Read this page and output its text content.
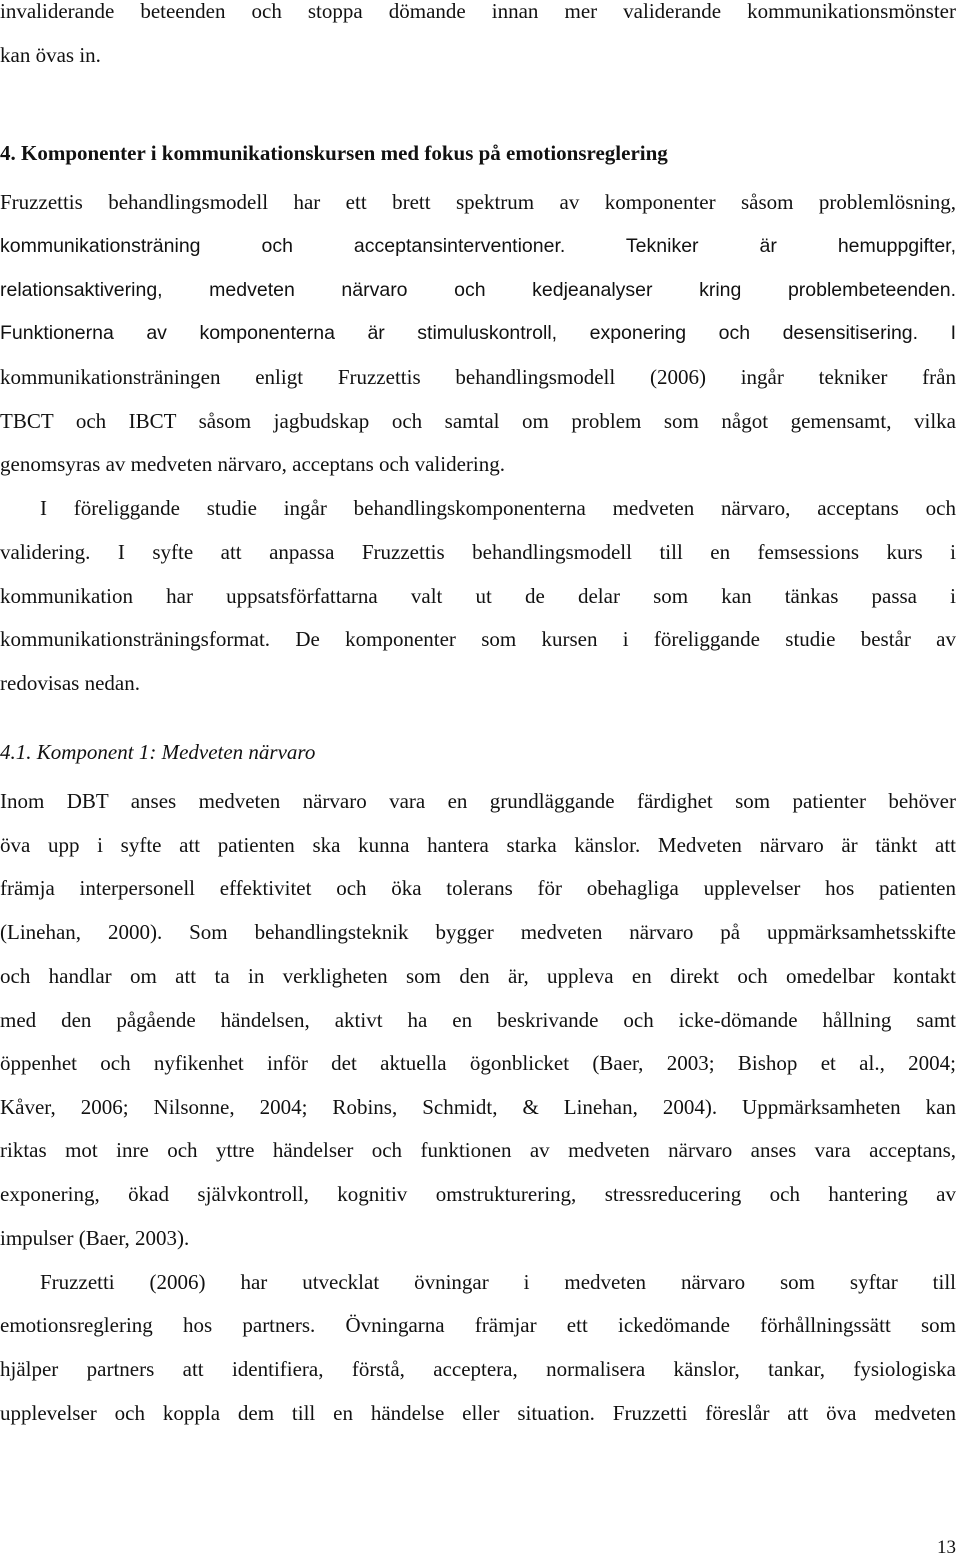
invaliderande beteenden och stoppa dömande innan mer validerande kommunikationsmönster

kan övas in.

4. Komponenter i kommunikationskursen med fokus på emotionsreglering

Fruzzettis behandlingsmodell har ett brett spektrum av komponenter såsom problemlösning,

kommunikationsträning och acceptansinterventioner. Tekniker är hemuppgifter,

relationsaktivering, medveten närvaro och kedjeanalyser kring problembeteenden.

Funktionerna av komponenterna är stimuluskontroll, exponering och desensitisering. I

kommunikationsträningen enligt Fruzzettis behandlingsmodell (2006) ingår tekniker från

TBCT och IBCT såsom jagbudskap och samtal om problem som något gemensamt, vilka

genomsyras av medveten närvaro, acceptans och validering.

I föreliggande studie ingår behandlingskomponenterna medveten närvaro, acceptans och

validering. I syfte att anpassa Fruzzettis behandlingsmodell till en femsessions kurs i

kommunikation har uppsatsförfattarna valt ut de delar som kan tänkas passa i

kommunikationsträningsformat. De komponenter som kursen i föreliggande studie består av

redovisas nedan.

4.1. Komponent 1: Medveten närvaro

Inom DBT anses medveten närvaro vara en grundläggande färdighet som patienter behöver

öva upp i syfte att patienten ska kunna hantera starka känslor. Medveten närvaro är tänkt att

främja interpersonell effektivitet och öka tolerans för obehagliga upplevelser hos patienten

(Linehan, 2000). Som behandlingsteknik bygger medveten närvaro på uppmärksamhetsskifte

och handlar om att ta in verkligheten som den är, uppleva en direkt och omedelbar kontakt

med den pågående händelsen, aktivt ha en beskrivande och icke-dömande hållning samt

öppenhet och nyfikenhet inför det aktuella ögonblicket (Baer, 2003; Bishop et al., 2004;

Kåver, 2006; Nilsonne, 2004; Robins, Schmidt, & Linehan, 2004). Uppmärksamheten kan

riktas mot inre och yttre händelser och funktionen av medveten närvaro anses vara acceptans,

exponering, ökad självkontroll, kognitiv omstrukturering, stressreducering och hantering av

impulser (Baer, 2003).

Fruzzetti (2006) har utvecklat övningar i medveten närvaro som syftar till

emotionsreglering hos partners. Övningarna främjar ett ickedömande förhållningssätt som

hjälper partners att identifiera, förstå, acceptera, normalisera känslor, tankar, fysiologiska

upplevelser och koppla dem till en händelse eller situation. Fruzzetti föreslår att öva medveten

13
